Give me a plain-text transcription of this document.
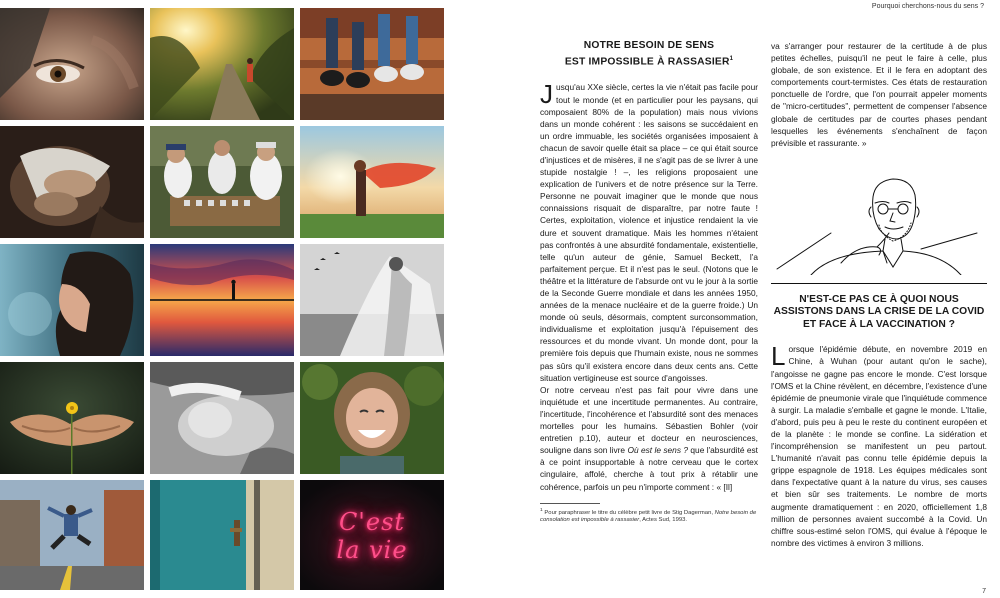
C'est
la vie
Pourquoi cherchons-nous du sens ?
NOTRE BESOIN DE SENS
EST IMPOSSIBLE À RASSASIER$^1$

Jusqu'au XXe siècle, certes la vie n'était pas facile pour tout le monde (et en particulier pour les paysans, qui composaient 80% de la population) mais nous vivions dans un monde cohérent : les saisons se succédaient en un ordre immuable, les sociétés organisées imposaient à chacun de savoir quelle était sa place – ce qui était source d'injustices et de misères, il ne s'agit pas de se livrer à une stupide nostalgie ! –, les religions proposaient une explication de l'univers et de notre présence sur la Terre. Personne ne pouvait imaginer que le monde que nous connaissions risquait de disparaître, par notre faute ! Certes, exploitation, violence et injustice rendaient la vie dure et souvent dramatique. Mais les hommes n'étaient pas confrontés à une absurdité fondamentale, existentielle, telle qu'un auteur de génie, Samuel Beckett, l'a parfaitement perçue. Et il n'est pas le seul. (Notons que le théâtre et la littérature de l'absurde ont vu le jour à la sortie de la Seconde Guerre mondiale et dans les années 1950, années de la menace nucléaire et de la guerre froide.) Un monde où seuls, désormais, comptent surconsommation, individualisme et exploitation jusqu'à l'épuisement des ressources et du monde vivant. Un monde dont, pour la première fois depuis que l'humain existe, nous ne sommes pas sûrs qu'il existera encore dans deux cents ans. Cette situation vertigineuse est source d'angoisses.

Or notre cerveau n'est pas fait pour vivre dans une inquiétude et une incertitude permanentes. Au contraire, l'incertitude, l'incohérence et l'absurdité sont des menaces mortelles pour les humains. Sébastien Bohler (voir entretien p.10), auteur et docteur en neurosciences, souligne dans son livre Où est le sens ? que l'absurdité est à ce point insupportable à notre cerveau que le cortex cingulaire, affolé, cherche à tout prix à rétablir une cohérence, parfois un peu n'importe comment : « [Il]

$^1$ Pour paraphraser le titre du célèbre petit livre de Stig Dagerman, Notre besoin de consolation est impossible à rassasier, Actes Sud, 1993.

va s'arranger pour restaurer de la certitude à de plus petites échelles, puisqu'il ne peut le faire à celle, plus globale, de son existence. Et il le fera en adoptant des comportements court-termistes. Ces états de restauration ponctuelle de l'ordre, que l'on pourrait appeler moments de "micro-certitudes", permettent de compenser l'absence globale de certitudes par de courtes phases pendant lesquelles les événements s'enchaînent de façon prévisible et rassurante. »

N'EST-CE PAS CE À QUOI NOUS
ASSISTONS DANS LA CRISE DE LA COVID
ET FACE À LA VACCINATION ?

Lorsque l'épidémie débute, en novembre 2019 en Chine, à Wuhan (pour autant qu'on le sache), l'angoisse ne gagne pas encore le monde. C'est lorsque l'OMS et la Chine révèlent, en décembre, l'existence d'une épidémie de pneumonie virale que l'inquiétude commence à surgir. La maladie s'emballe et gagne le monde. L'Italie, d'abord, puis peu à peu le reste du continent européen et de la planète : le monde se confine. La sidération et l'incompréhension se manifestent un peu partout. L'humanité n'avait pas connu telle épidémie depuis la grippe espagnole de 1918. Les équipes médicales sont dans l'expectative quant à la nature du virus, ses causes et bien sûr ses traitements. Le nombre de morts augmente dramatiquement : en 2020, officiellement 1,8 million de personnes avaient succombé à la Covid. Un chiffre sous-estimé selon l'OMS, qui évalue à l'époque le nombre des victimes à environ 3 millions.

7
